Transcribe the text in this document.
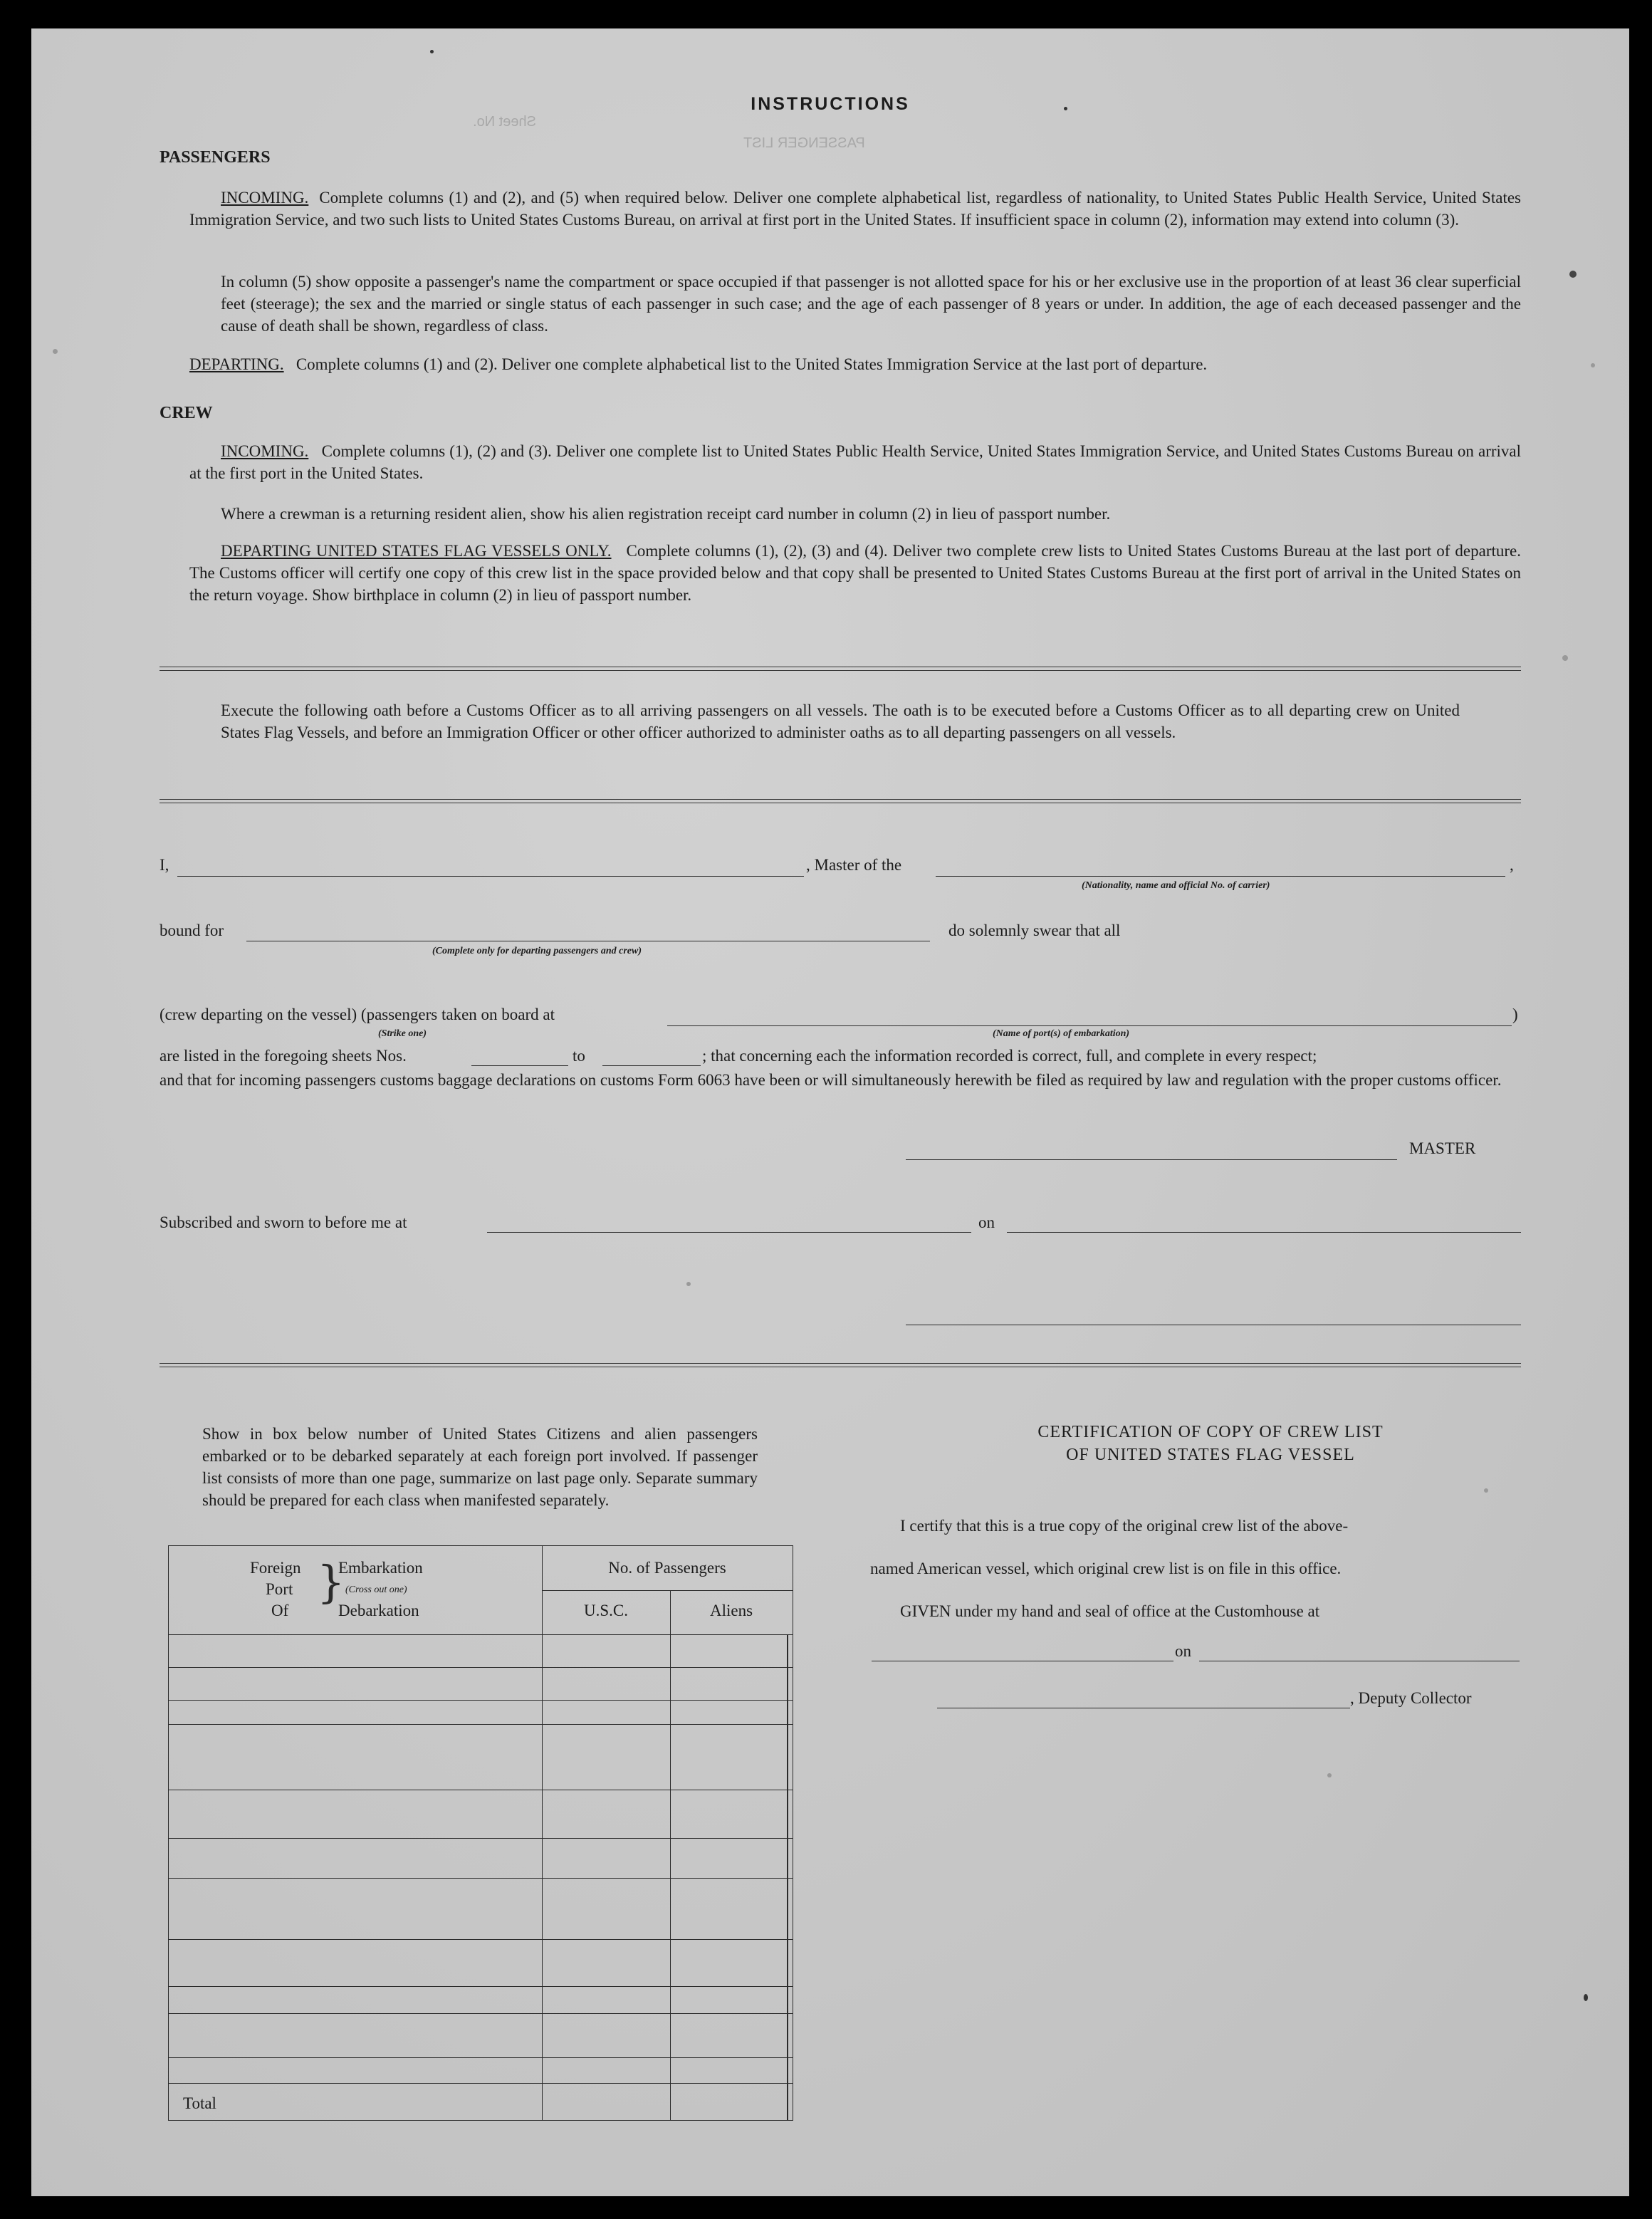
Sheet No.
PASSENGER LIST
INSTRUCTIONS
PASSENGERS
INCOMING. Complete columns (1) and (2), and (5) when required below. Deliver one complete alphabetical list, regardless of nationality, to United States Public Health Service, United States Immigration Service, and two such lists to United States Customs Bureau, on arrival at first port in the United States. If insufficient space in column (2), information may extend into column (3).
In column (5) show opposite a passenger's name the compartment or space occupied if that passenger is not allotted space for his or her exclusive use in the proportion of at least 36 clear superficial feet (steerage); the sex and the married or single status of each passenger in such case; and the age of each passenger of 8 years or under. In addition, the age of each deceased passenger and the cause of death shall be shown, regardless of class.
DEPARTING. Complete columns (1) and (2). Deliver one complete alphabetical list to the United States Immigration Service at the last port of departure.
CREW
INCOMING. Complete columns (1), (2) and (3). Deliver one complete list to United States Public Health Service, United States Immigration Service, and United States Customs Bureau on arrival at the first port in the United States.
Where a crewman is a returning resident alien, show his alien registration receipt card number in column (2) in lieu of passport number.
DEPARTING UNITED STATES FLAG VESSELS ONLY. Complete columns (1), (2), (3) and (4). Deliver two complete crew lists to United States Customs Bureau at the last port of departure. The Customs officer will certify one copy of this crew list in the space provided below and that copy shall be presented to United States Customs Bureau at the first port of arrival in the United States on the return voyage. Show birthplace in column (2) in lieu of passport number.
Execute the following oath before a Customs Officer as to all arriving passengers on all vessels. The oath is to be executed before a Customs Officer as to all departing crew on United States Flag Vessels, and before an Immigration Officer or other officer authorized to administer oaths as to all departing passengers on all vessels.
I,	, Master of the	,
(Nationality, name and official No. of carrier)
bound for	do solemnly swear that all
(Complete only for departing passengers and crew)
(crew departing on the vessel) (passengers taken on board at	)
(Strike one)	(Name of port(s) of embarkation)
are listed in the foregoing sheets Nos.	to	; that concerning each the information recorded is correct, full, and complete in every respect;
and that for incoming passengers customs baggage declarations on customs Form 6063 have been or will simultaneously herewith be filed as required by law and regulation with the proper customs officer.
MASTER
Subscribed and sworn to before me at	on
Show in box below number of United States Citizens and alien passengers embarked or to be debarked separately at each foreign port involved. If passenger list consists of more than one page, summarize on last page only. Separate summary should be prepared for each class when manifested separately.
Foreign
Port
Of
}
Embarkation
(Cross out one)
Debarkation
No. of Passengers
U.S.C.	Aliens
Total
CERTIFICATION OF COPY OF CREW LIST
OF UNITED STATES FLAG VESSEL
I certify that this is a true copy of the original crew list of the above-
named American vessel, which original crew list is on file in this office.
GIVEN under my hand and seal of office at the Customhouse at
on
, Deputy Collector
